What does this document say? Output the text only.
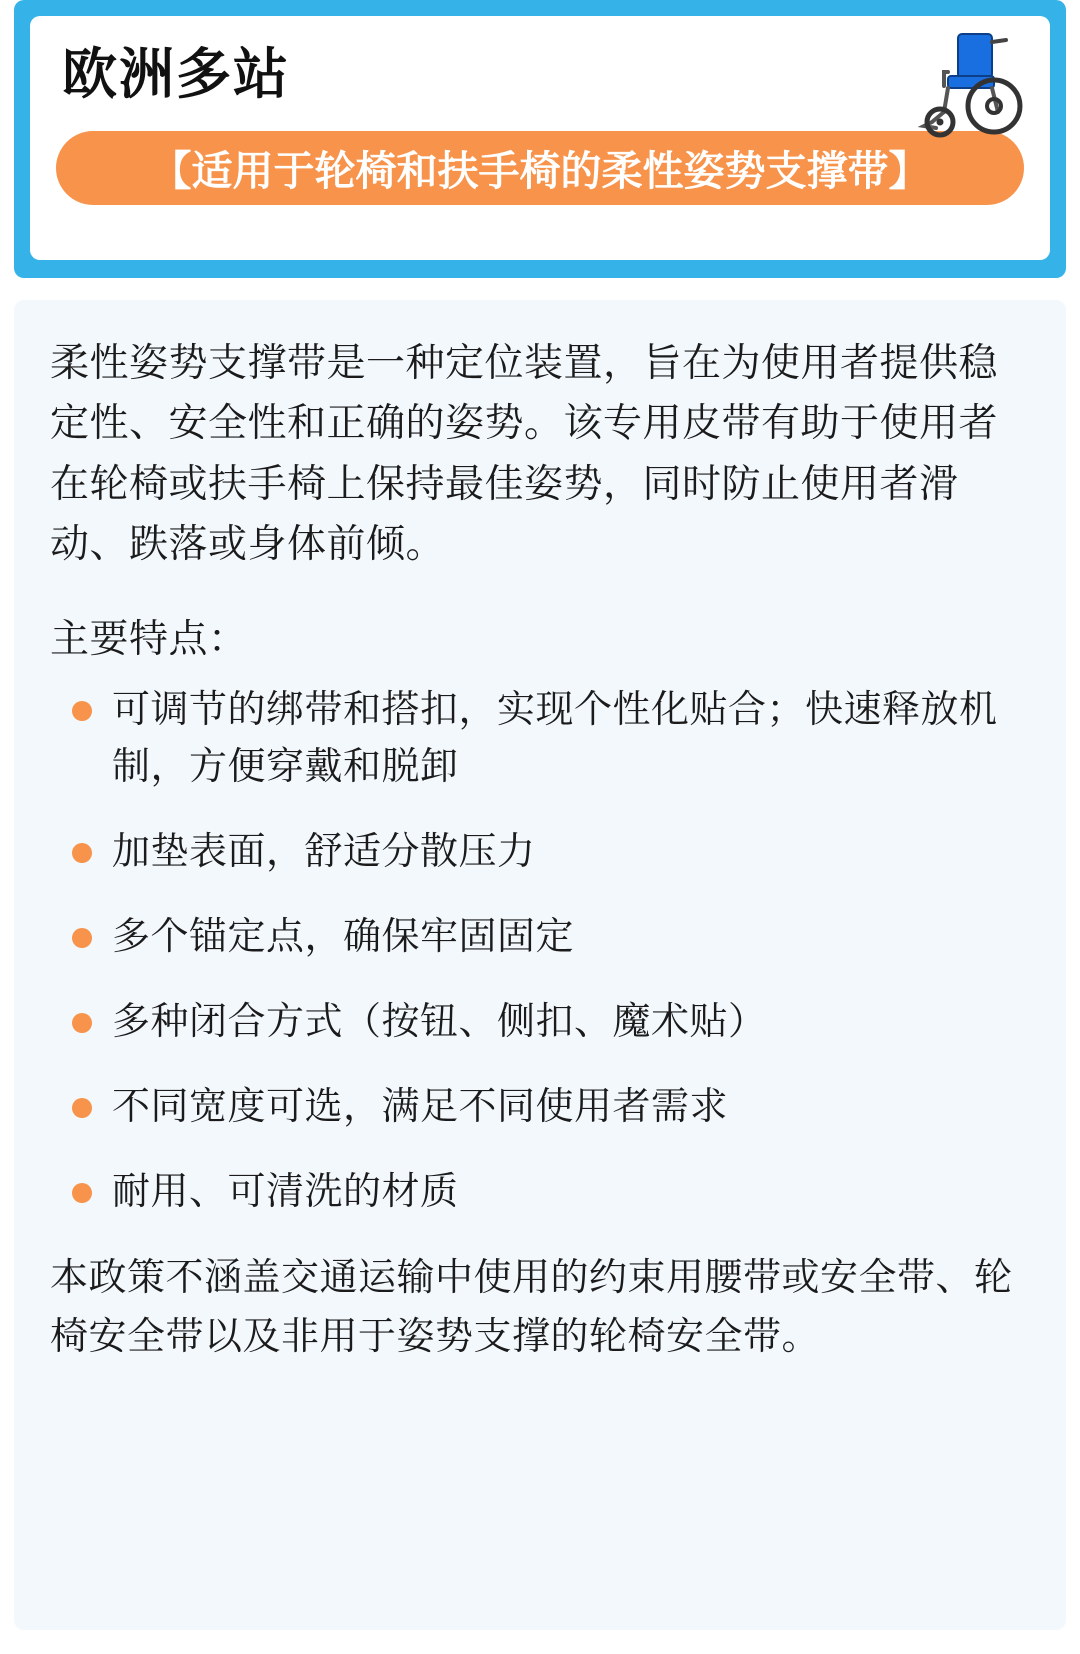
欧洲多站
【适用于轮椅和扶手椅的柔性姿势支撑带】

柔性姿势支撑带是一种定位装置，旨在为使用者提供稳定性、安全性和正确的姿势。该专用皮带有助于使用者在轮椅或扶手椅上保持最佳姿势，同时防止使用者滑动、跌落或身体前倾。

主要特点：

可调节的绑带和搭扣，实现个性化贴合；快速释放机制，方便穿戴和脱卸
加垫表面，舒适分散压力
多个锚定点，确保牢固固定
多种闭合方式（按钮、侧扣、魔术贴）
不同宽度可选，满足不同使用者需求
耐用、可清洗的材质

本政策不涵盖交通运输中使用的约束用腰带或安全带、轮椅安全带以及非用于姿势支撑的轮椅安全带。
